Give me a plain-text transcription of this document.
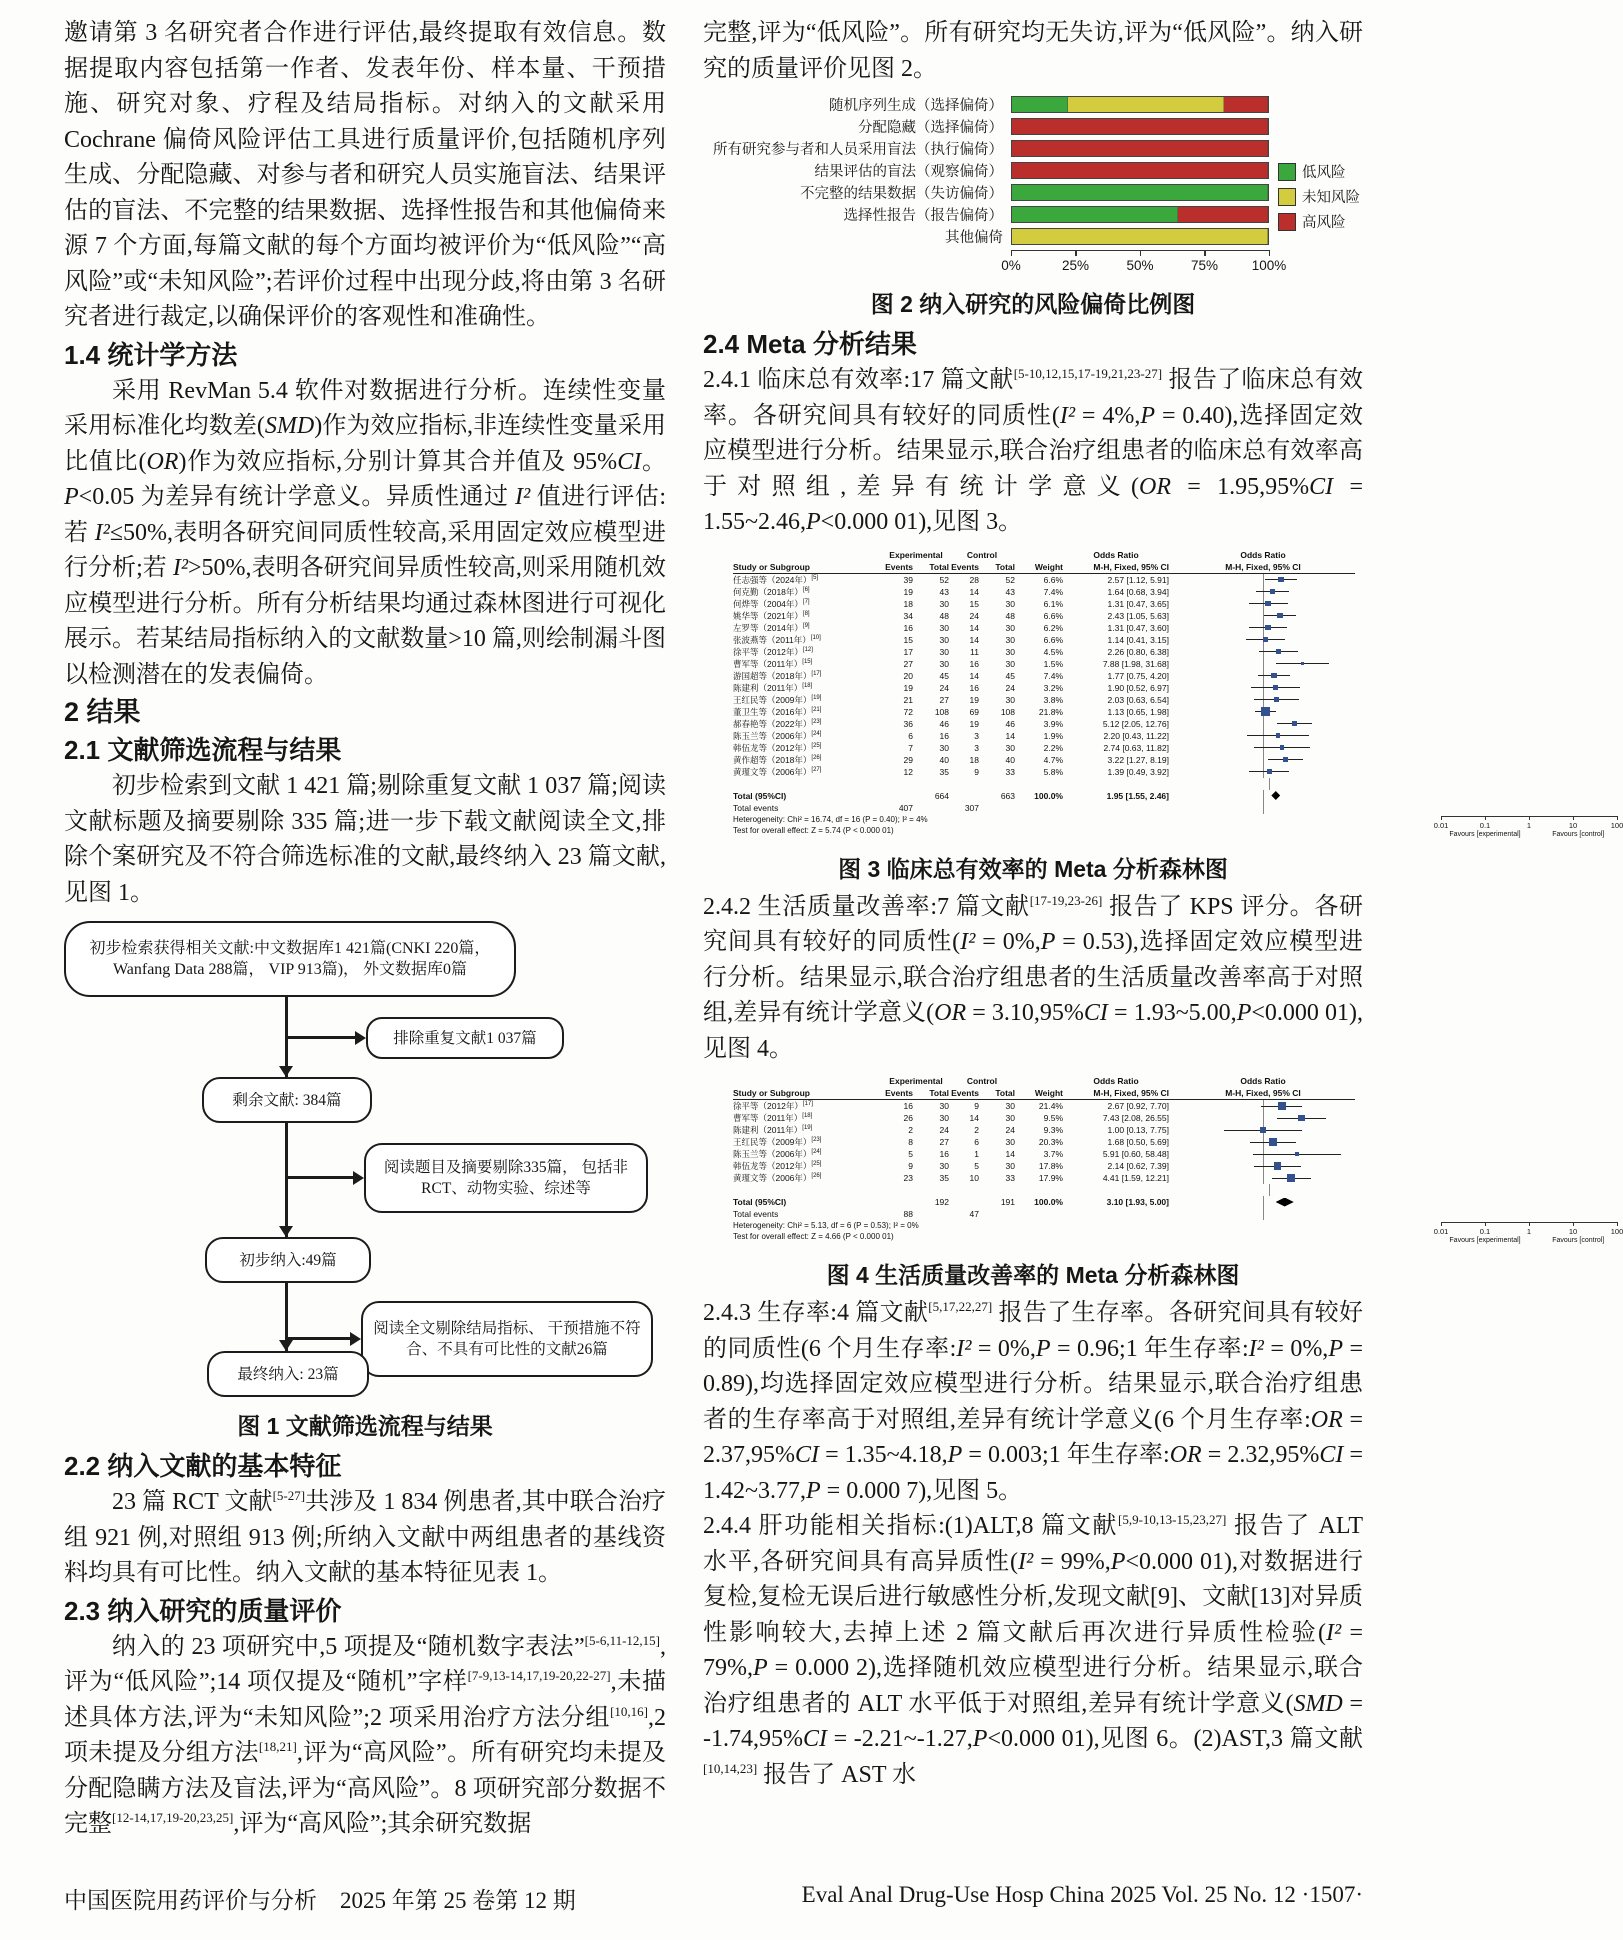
邀请第 3 名研究者合作进行评估,最终提取有效信息。数据提取内容包括第一作者、发表年份、样本量、干预措施、研究对象、疗程及结局指标。对纳入的文献采用 Cochrane 偏倚风险评估工具进行质量评价,包括随机序列生成、分配隐藏、对参与者和研究人员实施盲法、结果评估的盲法、不完整的结果数据、选择性报告和其他偏倚来源 7 个方面,每篇文献的每个方面均被评价为“低风险”“高风险”或“未知风险”;若评价过程中出现分歧,将由第 3 名研究者进行裁定,以确保评价的客观性和准确性。

1.4 统计学方法

采用 RevMan 5.4 软件对数据进行分析。连续性变量采用标准化均数差(SMD)作为效应指标,非连续性变量采用比值比(OR)作为效应指标,分别计算其合并值及 95%CI。P<0.05 为差异有统计学意义。异质性通过 I² 值进行评估:若 I²≤50%,表明各研究间同质性较高,采用固定效应模型进行分析;若 I²>50%,表明各研究间异质性较高,则采用随机效应模型进行分析。所有分析结果均通过森林图进行可视化展示。若某结局指标纳入的文献数量>10 篇,则绘制漏斗图以检测潜在的发表偏倚。

2 结果
2.1 文献筛选流程与结果

初步检索到文献 1 421 篇;剔除重复文献 1 037 篇;阅读文献标题及摘要剔除 335 篇;进一步下载文献阅读全文,排除个案研究及不符合筛选标准的文献,最终纳入 23 篇文献,见图 1。

初步检索获得相关文献:中文数据库1 421篇(CNKI 220篇，Wanfang Data 288篇， VIP 913篇)， 外文数据库0篇
排除重复文献1 037篇
剩余文献: 384篇
阅读题目及摘要剔除335篇， 包括非RCT、动物实验、综述等
初步纳入:49篇
阅读全文剔除结局指标、 干预措施不符合、不具有可比性的文献26篇
最终纳入: 23篇
图 1 文献筛选流程与结果
2.2 纳入文献的基本特征

23 篇 RCT 文献[5-27]共涉及 1 834 例患者,其中联合治疗组 921 例,对照组 913 例;所纳入文献中两组患者的基线资料均具有可比性。纳入文献的基本特征见表 1。

2.3 纳入研究的质量评价

纳入的 23 项研究中,5 项提及“随机数字表法”[5-6,11-12,15],评为“低风险”;14 项仅提及“随机”字样[7-9,13-14,17,19-20,22-27],未描述具体方法,评为“未知风险”;2 项采用治疗方法分组[10,16],2 项未提及分组方法[18,21],评为“高风险”。所有研究均未提及分配隐瞒方法及盲法,评为“高风险”。8 项研究部分数据不完整[12-14,17,19-20,23,25],评为“高风险”;其余研究数据

完整,评为“低风险”。所有研究均无失访,评为“低风险”。纳入研究的质量评价见图 2。

随机序列生成（选择偏倚）
分配隐藏（选择偏倚）
所有研究参与者和人员采用盲法（执行偏倚）
结果评估的盲法（观察偏倚）
不完整的结果数据（失访偏倚）
选择性报告（报告偏倚）
其他偏倚
0%	25%	50%	75% 100%
低风险
未知风险
高风险
图 2 纳入研究的风险偏倚比例图
2.4 Meta 分析结果

2.4.1 临床总有效率:17 篇文献[5-10,12,15,17-19,21,23-27] 报告了临床总有效率。各研究间具有较好的同质性(I² = 4%,P = 0.40),选择固定效应模型进行分析。结果显示,联合治疗组患者的临床总有效率高于对照组,差异有统计学意义(OR = 1.95,95%CI = 1.55~2.46,P<0.000 01),见图 3。

Experimental	Control	Odds Ratio	Odds Ratio
Study or Subgroup	Events	Total Events	Total	Weight	M-H, Fixed, 95% CI	M-H, Fixed, 95% CI
任志强等（2024年）[5]	39	52	28	52	6.6%	2.57 [1.12, 5.91]
何克勤（2018年）[6]	19	43	14	43	7.4%	1.64 [0.68, 3.94]
何烨等（2004年）[7]	18	30	15	30	6.1%	1.31 [0.47, 3.65]
姚华等（2021年）[8]	34	48	24	48	6.6%	2.43 [1.05, 5.63]
左罗等（2014年）[9]	16	30	14	30	6.2%	1.31 [0.47, 3.60]
张波燕等（2011年）[10]	15	30	14	30	6.6%	1.14 [0.41, 3.15]
徐平等（2012年）[12]	17	30	11	30	4.5%	2.26 [0.80, 6.38]
曹军等（2011年）[15]	27	30	16	30	1.5%	7.88 [1.98, 31.68]
游国超等（2018年）[17]	20	45	14	45	7.4%	1.77 [0.75, 4.20]
陈建利（2011年）[18]	19	24	16	24	3.2%	1.90 [0.52, 6.97]
王红民等（2009年）[19]	21	27	19	30	3.8%	2.03 [0.63, 6.54]
董卫生等（2016年）[21]	72	108	69	108	21.8%	1.13 [0.65, 1.98]
郝春艳等（2022年）[23]	36	46	19	46	3.9%	5.12 [2.05, 12.76]
陈玉兰等（2006年）[24]	6	16	3	14	1.9%	2.20 [0.43, 11.22]
韩伍龙等（2012年）[25]	7	30	3	30	2.2%	2.74 [0.63, 11.82]
黄作超等（2018年）[26]	29	40	18	40	4.7%	3.22 [1.27, 8.19]
黄瑾文等（2006年）[27]	12	35	9	33	5.8%	1.39 [0.49, 3.92]
Total (95%CI)	664	663	100.0%	1.95 [1.55, 2.46]
Total events	407	307
Heterogeneity: Chi² = 16.74, df = 16 (P = 0.40); I² = 4%
Test for overall effect: Z = 5.74 (P < 0.000 01)
0.01	0.1	1	10	100
Favours [experimental]	Favours [control]
图 3 临床总有效率的 Meta 分析森林图

2.4.2 生活质量改善率:7 篇文献[17-19,23-26] 报告了 KPS 评分。各研究间具有较好的同质性(I² = 0%,P = 0.53),选择固定效应模型进行分析。结果显示,联合治疗组患者的生活质量改善率高于对照组,差异有统计学意义(OR = 3.10,95%CI = 1.93~5.00,P<0.000 01),见图 4。

Experimental	Control	Odds Ratio	Odds Ratio
Study or Subgroup	Events	Total Events	Total	Weight	M-H, Fixed, 95% CI	M-H, Fixed, 95% CI
徐平等（2012年）[17]	16	30	9	30	21.4%	2.67 [0.92, 7.70]
曹军等（2011年）[18]	26	30	14	30	9.5%	7.43 [2.08, 26.55]
陈建利（2011年）[19]	2	24	2	24	9.3%	1.00 [0.13, 7.75]
王红民等（2009年）[23]	8	27	6	30	20.3%	1.68 [0.50, 5.69]
陈玉兰等（2006年）[24]	5	16	1	14	3.7%	5.91 [0.60, 58.48]
韩伍龙等（2012年）[25]	9	30	5	30	17.8%	2.14 [0.62, 7.39]
黄瑾文等（2006年）[26]	23	35	10	33	17.9%	4.41 [1.59, 12.21]
Total (95%CI)	192	191	100.0%	3.10 [1.93, 5.00]
Total events	88	47
Heterogeneity: Chi² = 5.13, df = 6 (P = 0.53); I² = 0%
Test for overall effect: Z = 4.66 (P < 0.000 01)
0.01	0.1	1	10	100
Favours [experimental]	Favours [control]
图 4 生活质量改善率的 Meta 分析森林图

2.4.3 生存率:4 篇文献[5,17,22,27] 报告了生存率。各研究间具有较好的同质性(6 个月生存率:I² = 0%,P = 0.96;1 年生存率:I² = 0%,P = 0.89),均选择固定效应模型进行分析。结果显示,联合治疗组患者的生存率高于对照组,差异有统计学意义(6 个月生存率:OR = 2.37,95%CI = 1.35~4.18,P = 0.003;1 年生存率:OR = 2.32,95%CI = 1.42~3.77,P = 0.000 7),见图 5。

2.4.4 肝功能相关指标:(1)ALT,8 篇文献[5,9-10,13-15,23,27] 报告了 ALT 水平,各研究间具有高异质性(I² = 99%,P<0.000 01),对数据进行复检,复检无误后进行敏感性分析,发现文献[9]、文献[13]对异质性影响较大,去掉上述 2 篇文献后再次进行异质性检验(I² = 79%,P = 0.000 2),选择随机效应模型进行分析。结果显示,联合治疗组患者的 ALT 水平低于对照组,差异有统计学意义(SMD = -1.74,95%CI = -2.21~-1.27,P<0.000 01),见图 6。(2)AST,3 篇文献[10,14,23] 报告了 AST 水

中国医院用药评价与分析　2025 年第 25 卷第 12 期	Eval Anal Drug-Use Hosp China 2025 Vol. 25 No. 12 ·1507·
